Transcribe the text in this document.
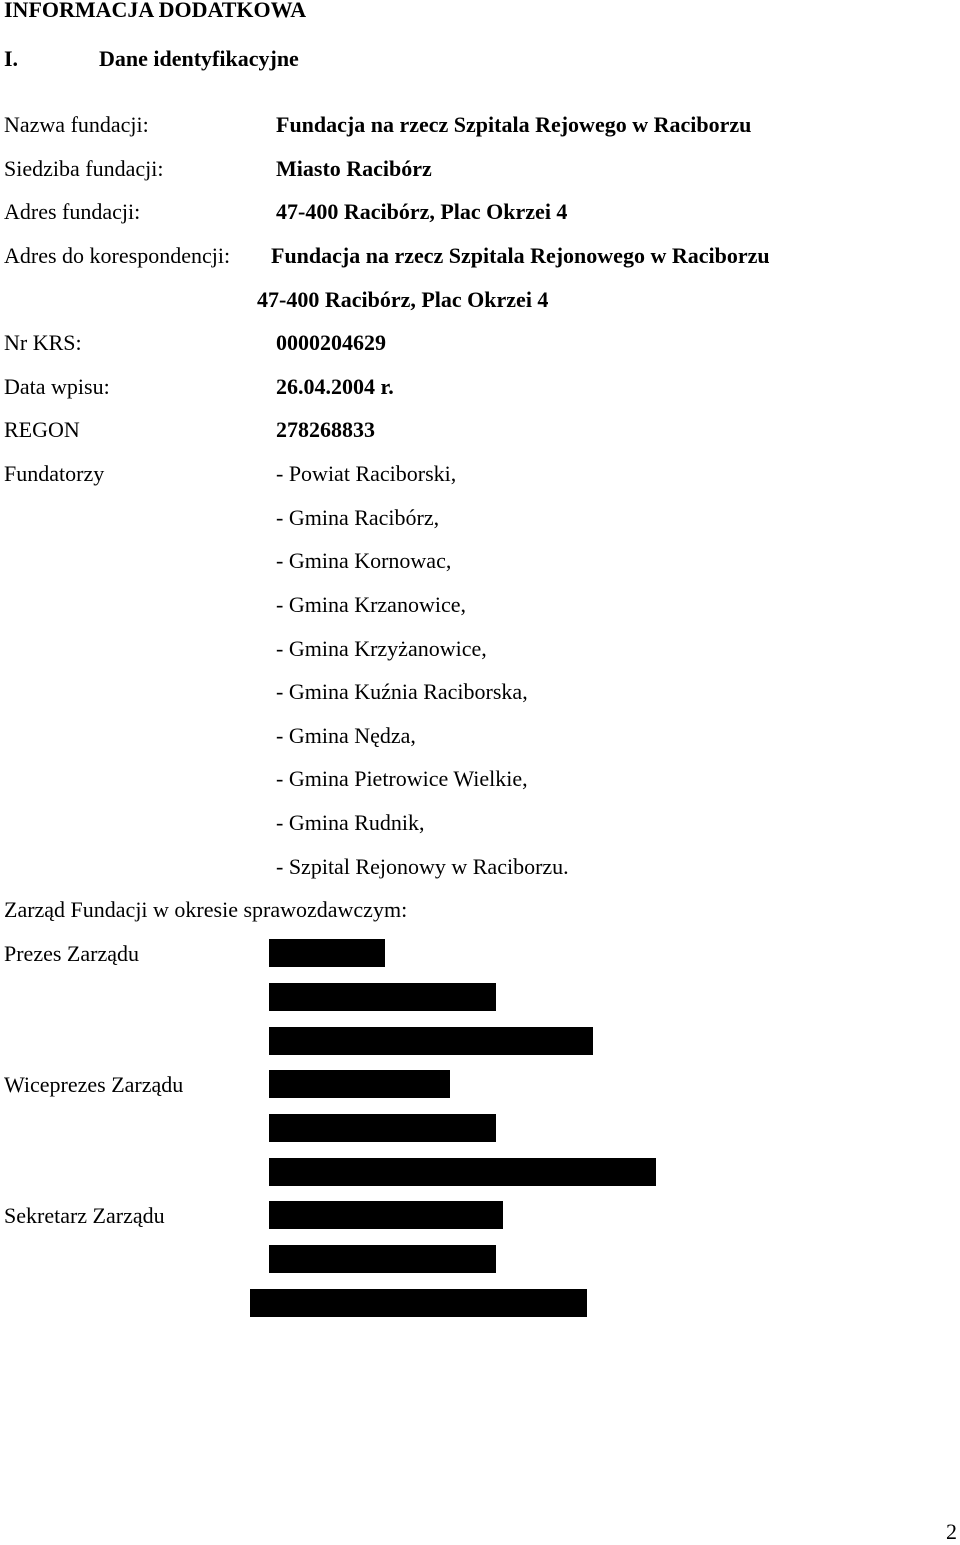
INFORMACJA DODATKOWA
I.	Dane identyfikacyjne
Nazwa fundacji:	Fundacja na rzecz Szpitala Rejowego w Raciborzu
Siedziba fundacji:	Miasto Racibórz
Adres fundacji:	47-400 Racibórz, Plac Okrzei 4
Adres do korespondencji: Fundacja na rzecz Szpitala Rejonowego w Raciborzu
47-400 Racibórz, Plac Okrzei 4
Nr KRS:	0000204629
Data wpisu:	26.04.2004 r.
REGON	278268833
Fundatorzy	- Powiat Raciborski,
- Gmina Racibórz,
- Gmina Kornowac,
- Gmina Krzanowice,
- Gmina Krzyżanowice,
- Gmina Kuźnia Raciborska,
- Gmina Nędza,
- Gmina Pietrowice Wielkie,
- Gmina Rudnik,
- Szpital Rejonowy w Raciborzu.
Zarząd Fundacji w okresie sprawozdawczym:
Prezes Zarządu
Wiceprezes Zarządu
Sekretarz Zarządu
2
